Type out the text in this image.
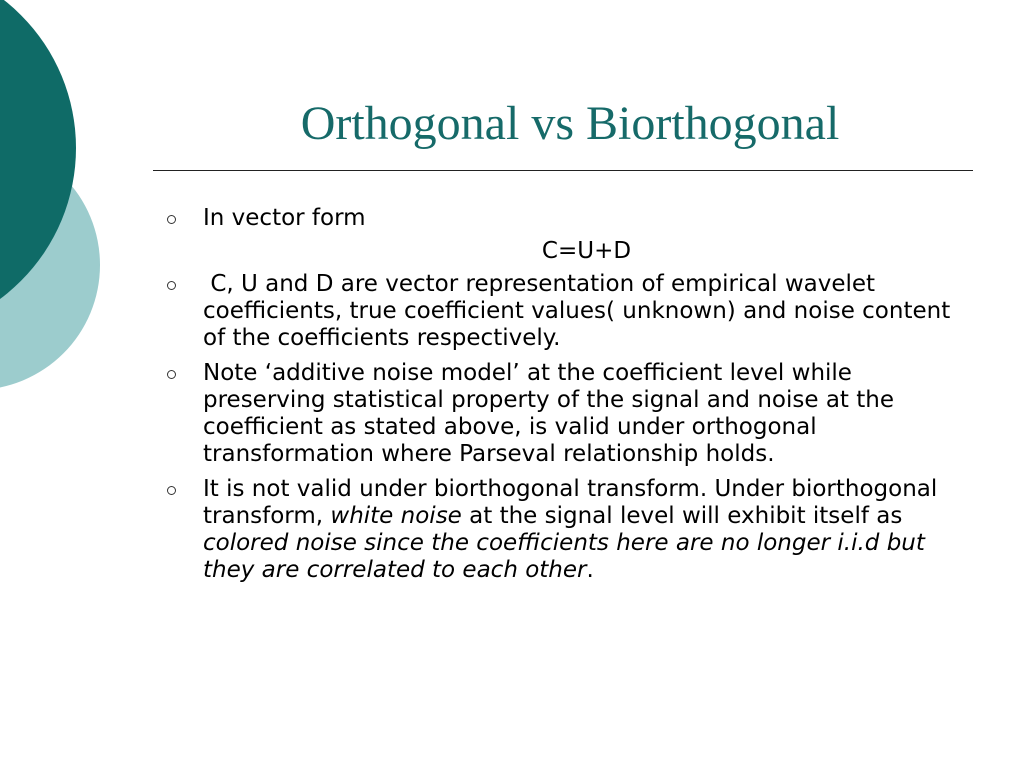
Orthogonal vs Biorthogonal
In vector form
C=U+D
C, U and D are vector representation of empirical wavelet coefficients, true coefficient values( unknown) and noise content of the coefficients respectively.
Note ‘additive noise model’ at the coefficient level while preserving statistical property of the signal and noise at the coefficient as stated above, is valid under orthogonal transformation where Parseval relationship holds.
It is not valid under biorthogonal transform. Under biorthogonal transform, white noise at the signal level will exhibit itself as colored noise since the coefficients here are no longer i.i.d but they are correlated to each other.
